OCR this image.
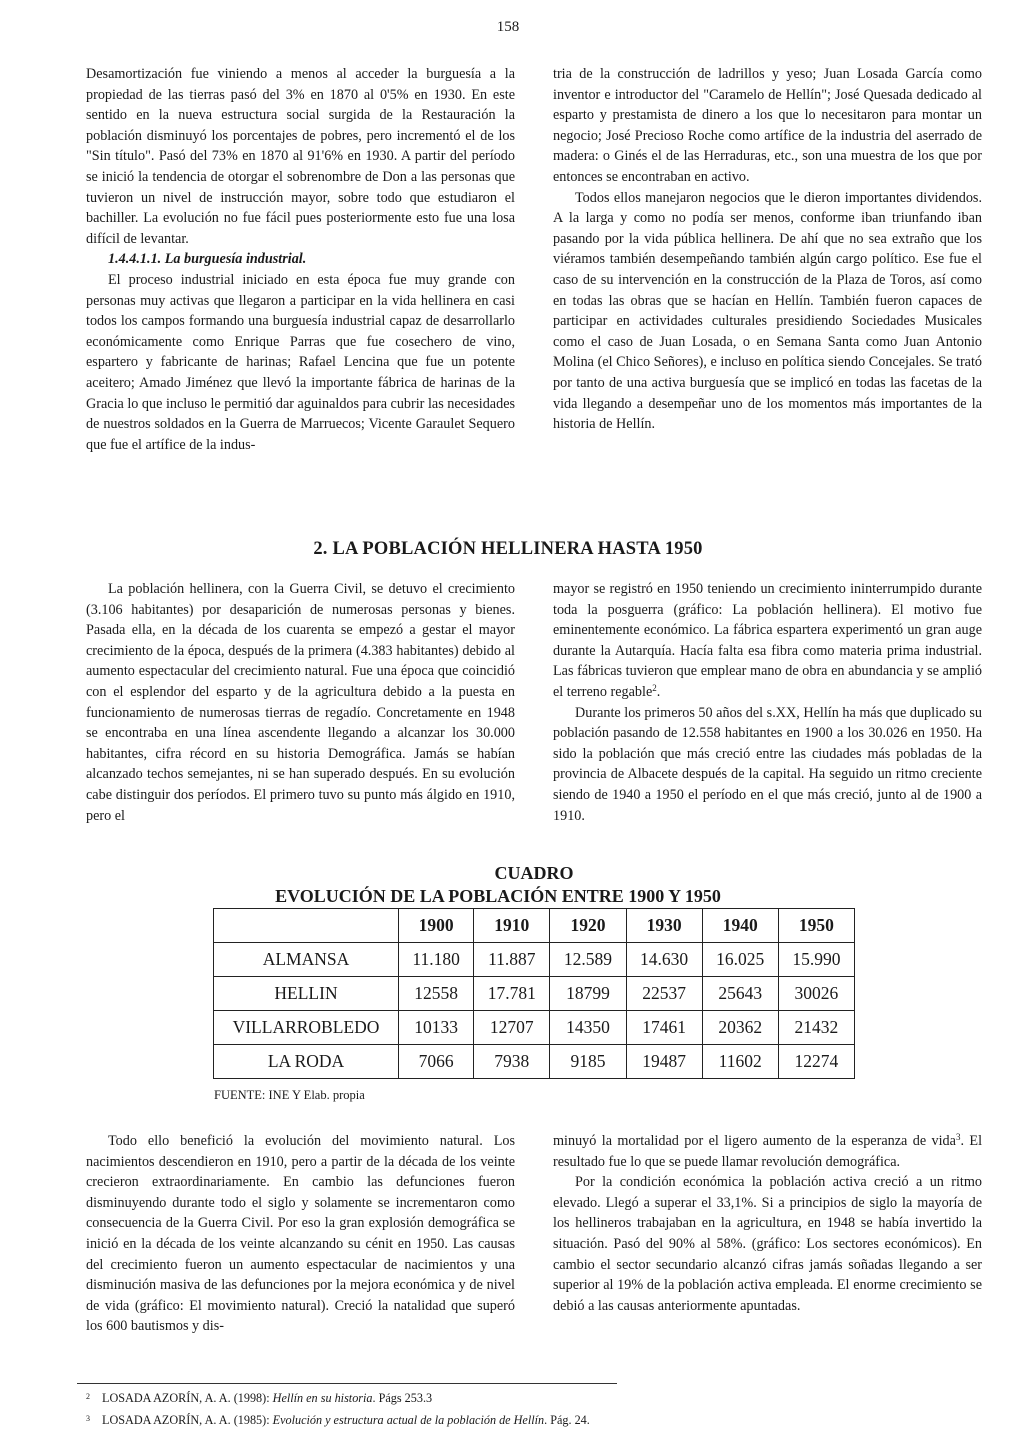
158

Desamortización fue viniendo a menos al acceder la burguesía a la propiedad de las tierras pasó del 3% en 1870 al 0'5% en 1930. En este sentido en la nueva estructura social surgida de la Restauración la población disminuyó los porcentajes de pobres, pero incrementó el de los "Sin título". Pasó del 73% en 1870 al 91'6% en 1930. A partir del período se inició la tendencia de otorgar el sobrenombre de Don a las personas que tuvieron un nivel de instrucción mayor, sobre todo que estudiaron el bachiller. La evolución no fue fácil pues posteriormente esto fue una losa difícil de levantar.

1.4.4.1.1. La burguesía industrial.

El proceso industrial iniciado en esta época fue muy grande con personas muy activas que llegaron a participar en la vida hellinera en casi todos los campos formando una burguesía industrial capaz de desarrollarlo económicamente como Enrique Parras que fue cosechero de vino, espartero y fabricante de harinas; Rafael Lencina que fue un potente aceitero; Amado Jiménez que llevó la importante fábrica de harinas de la Gracia lo que incluso le permitió dar aguinaldos para cubrir las necesidades de nuestros soldados en la Guerra de Marruecos; Vicente Garaulet Sequero que fue el artífice de la indus-

tria de la construcción de ladrillos y yeso; Juan Losada García como inventor e introductor del "Caramelo de Hellín"; José Quesada dedicado al esparto y prestamista de dinero a los que lo necesitaron para montar un negocio; José Precioso Roche como artífice de la industria del aserrado de madera: o Ginés el de las Herraduras, etc., son una muestra de los que por entonces se encontraban en activo.

Todos ellos manejaron negocios que le dieron importantes dividendos. A la larga y como no podía ser menos, conforme iban triunfando iban pasando por la vida pública hellinera. De ahí que no sea extraño que los viéramos también desempeñando también algún cargo político. Ese fue el caso de su intervención en la construcción de la Plaza de Toros, así como en todas las obras que se hacían en Hellín. También fueron capaces de participar en actividades culturales presidiendo Sociedades Musicales como el caso de Juan Losada, o en Semana Santa como Juan Antonio Molina (el Chico Señores), e incluso en política siendo Concejales. Se trató por tanto de una activa burguesía que se implicó en todas las facetas de la vida llegando a desempeñar uno de los momentos más importantes de la historia de Hellín.

2. LA POBLACIÓN HELLINERA HASTA 1950

La población hellinera, con la Guerra Civil, se detuvo el crecimiento (3.106 habitantes) por desaparición de numerosas personas y bienes. Pasada ella, en la década de los cuarenta se empezó a gestar el mayor crecimiento de la época, después de la primera (4.383 habitantes) debido al aumento espectacular del crecimiento natural. Fue una época que coincidió con el esplendor del esparto y de la agricultura debido a la puesta en funcionamiento de numerosas tierras de regadío. Concretamente en 1948 se encontraba en una línea ascendente llegando a alcanzar los 30.000 habitantes, cifra récord en su historia Demográfica. Jamás se habían alcanzado techos semejantes, ni se han superado después. En su evolución cabe distinguir dos períodos. El primero tuvo su punto más álgido en 1910, pero el

mayor se registró en 1950 teniendo un crecimiento ininterrumpido durante toda la posguerra (gráfico: La población hellinera). El motivo fue eminentemente económico. La fábrica espartera experimentó un gran auge durante la Autarquía. Hacía falta esa fibra como materia prima industrial. Las fábricas tuvieron que emplear mano de obra en abundancia y se amplió el terreno regable$^2$.

Durante los primeros 50 años del s.XX, Hellín ha más que duplicado su población pasando de 12.558 habitantes en 1900 a los 30.026 en 1950. Ha sido la población que más creció entre las ciudades más pobladas de la provincia de Albacete después de la capital. Ha seguido un ritmo creciente siendo de 1940 a 1950 el período en el que más creció, junto al de 1900 a 1910.

CUADRO
EVOLUCIÓN DE LA POBLACIÓN ENTRE 1900 Y 1950
	1900	1910	1920	1930	1940	1950
ALMANSA	11.180	11.887	12.589	14.630	16.025	15.990
HELLIN	12558	17.781	18799	22537	25643	30026
VILLARROBLEDO	10133	12707	14350	17461	20362	21432
LA RODA	7066	7938	9185	19487	11602	12274
FUENTE: INE Y Elab. propia

Todo ello benefició la evolución del movimiento natural. Los nacimientos descendieron en 1910, pero a partir de la década de los veinte crecieron extraordinariamente. En cambio las defunciones fueron disminuyendo durante todo el siglo y solamente se incrementaron como consecuencia de la Guerra Civil. Por eso la gran explosión demográfica se inició en la década de los veinte alcanzando su cénit en 1950. Las causas del crecimiento fueron un aumento espectacular de nacimientos y una disminución masiva de las defunciones por la mejora económica y de nivel de vida (gráfico: El movimiento natural). Creció la natalidad que superó los 600 bautismos y dis-

minuyó la mortalidad por el ligero aumento de la esperanza de vida$^3$. El resultado fue lo que se puede llamar revolución demográfica.

Por la condición económica la población activa creció a un ritmo elevado. Llegó a superar el 33,1%. Si a principios de siglo la mayoría de los hellineros trabajaban en la agricultura, en 1948 se había invertido la situación. Pasó del 90% al 58%. (gráfico: Los sectores económicos). En cambio el sector secundario alcanzó cifras jamás soñadas llegando a ser superior al 19% de la población activa empleada. El enorme crecimiento se debió a las causas anteriormente apuntadas.

$^2$ LOSADA AZORÍN, A. A. (1998): Hellín en su historia. Págs 253.3
$^3$ LOSADA AZORÍN, A. A. (1985): Evolución y estructura actual de la población de Hellín. Pág. 24.
